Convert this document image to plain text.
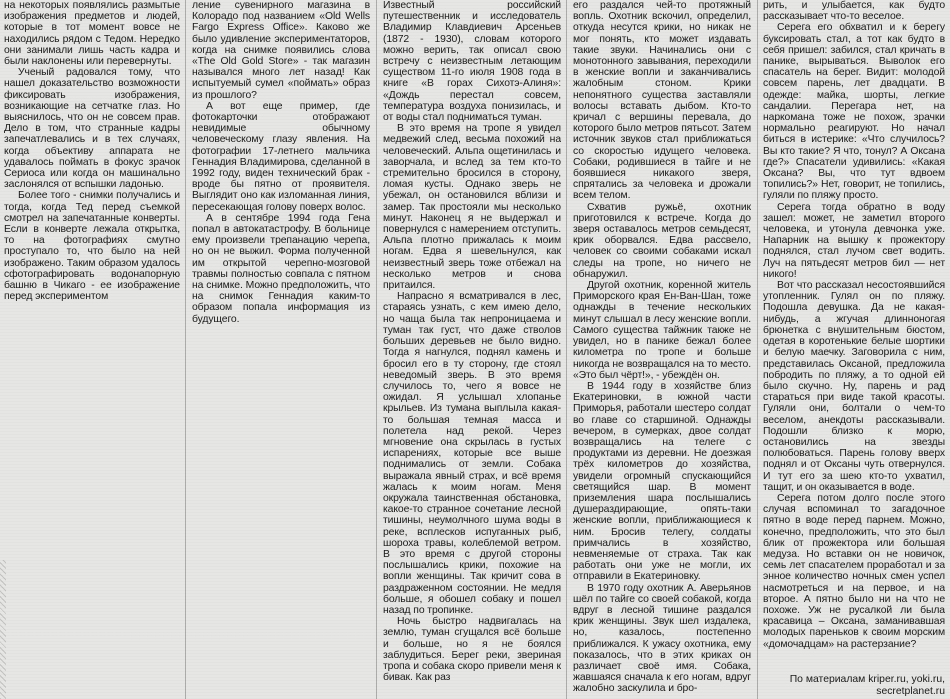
на некоторых появлялись размытые изображения предметов и людей, которые в тот момент вовсе не находились рядом с Тедом. Нередко они занимали лишь часть кадра и были наклонены или перевернуты.

Ученый радовался тому, что нашел доказательство возможности фиксировать изображения, возникающие на сетчатке глаз. Но выяснилось, что он не совсем прав. Дело в том, что странные кадры запечатлевались и в тех случаях, когда объективу аппарата не удавалось поймать в фокус зрачок Сериоса или когда он машинально заслонялся от вспышки ладонью.

Более того - снимки получались и тогда, когда Тед перед съемкой смотрел на запечатанные конверты. Если в конверте лежала открытка, то на фотографиях смутно проступало то, что было на ней изображено. Таким образом удалось сфотографировать водонапорную башню в Чикаго - ее изображение перед экспериментом

ление сувенирного магазина в Колорадо под названием «Old Wells Fargo Express Office». Каково же было удивление экспериментаторов, когда на снимке появились слова «The Old Gold Store» - так магазин назывался много лет назад! Как испытуемый сумел «поймать» образ из прошлого?

А вот еще пример, где фотокарточки отображают невидимые обычному человеческому глазу явления. На фотографии 17-летнего мальчика Геннадия Владимирова, сделанной в 1992 году, виден технический брак - вроде бы пятно от проявителя. Выглядит оно как изломанная линия, пересекающая голову поверх волос.

А в сентябре 1994 года Гена попал в автокатастрофу. В больнице ему произвели трепанацию черепа, но он не выжил. Форма полученной им открытой черепно-мозговой травмы полностью совпала с пятном на снимке. Можно предположить, что на снимок Геннадия каким-то образом попала информация из будущего.

Известный российский путешественник и исследователь Владимир Клавдиевич Арсеньев (1872 - 1930), словам которого можно верить, так описал свою встречу с неизвестным летающим существом 11-го июля 1908 года в книге «В горах Сихотэ-Алиня»: «Дождь перестал совсем, температура воздуха понизилась, и от воды стал подниматься туман.

В это время на тропе я увидел медвежий след, весьма похожий на человеческий. Альпа ощетинилась и заворчала, и вслед за тем кто-то стремительно бросился в сторону, ломая кусты. Однако зверь не убежал, он остановился вблизи и замер. Так простояли мы несколько минут. Наконец я не выдержал и повернулся с намерением отступить. Альпа плотно прижалась к моим ногам. Едва я шевельнулся, как неизвестный зверь тоже отбежал на несколько метров и снова притаился.

Напрасно я всматривался в лес, стараясь узнать, с кем имею дело, но чаща была так непроницаема и туман так густ, что даже стволов больших деревьев не было видно. Тогда я нагнулся, поднял камень и бросил его в ту сторону, где стоял неведомый зверь. В это время случилось то, чего я вовсе не ожидал. Я услышал хлопанье крыльев. Из тумана выплыла какая-то большая темная масса и полетела над рекой. Через мгновение она скрылась в густых испарениях, которые все выше поднимались от земли. Собака выражала явный страх, и всё время жалась к моим ногам. Меня окружала таинственная обстановка, какое-то странное сочетание лесной тишины, неумолчного шума воды в реке, всплесков испуганных рыб, шороха травы, колеблемой ветром. В это время с другой стороны послышались крики, похожие на вопли женщины. Так кричит сова в раздраженном состоянии. Не медля больше, я обошел собаку и пошел назад по тропинке.

Ночь быстро надвигалась на землю, туман сгущался всё больше и больше, но я не боялся заблудиться. Берег реки, звериная тропа и собака скоро привели меня к бивак. Как раз

его раздался чей-то протяжный вопль. Охотник вскочил, определил, откуда несутся крики, но никак не мог понять, кто может издавать такие звуки. Начинались они с монотонного завывания, переходили в женские вопли и заканчивались жалобным стоном. Крики непонятного существа заставляли волосы вставать дыбом. Кто-то кричал с вершины перевала, до которого было метров пятьсот. Затем источник звуков стал приближаться со скоростью идущего человека. Собаки, родившиеся в тайге и не боявшиеся никакого зверя, спрятались за человека и дрожали всем телом.

Схватив ружьё, охотник приготовился к встрече. Когда до зверя оставалось метров семьдесят, крик оборвался. Едва рассвело, человек со своими собаками искал следы на тропе, но ничего не обнаружил.

Другой охотник, коренной житель Приморского края Ен-Ван-Шан, тоже однажды в течение нескольких минут слышал в лесу женские вопли. Самого существа тайжник также не увидел, но в панике бежал более километра по тропе и больше никогда не возвращался на то место. «Это был чёрт!», - убеждён он.

В 1944 году в хозяйстве близ Екатериновки, в южной части Приморья, работали шестеро солдат во главе со старшиной. Однажды вечером, в сумерках, двое солдат возвращались на телеге с продуктами из деревни. Не доезжая трёх километров до хозяйства, увидели огромный спускающийся светящийся шар. В момент приземления шара послышались душераздирающие, опять-таки женские вопли, приближающиеся к ним. Бросив телегу, солдаты примчались в хозяйство, невменяемые от страха. Так как работать они уже не могли, их отправили в Екатериновку.

В 1970 году охотник А. Аверьянов шёл по тайге со своей собакой, когда вдруг в лесной тишине раздался крик женщины. Звук шел издалека, но, казалось, постепенно приближался. К ужасу охотника, ему показалось, что в этих криках он различает своё имя. Собака, жавшаяся сначала к его ногам, вдруг жалобно заскулила и бро-

рить, и улыбается, как будто рассказывает что-то веселое.

Серега его обхватил и к берегу буксировать стал, а тот как будто в себя пришел: забился, стал кричать в панике, вырываться. Выволок его спасатель на берег. Видит: молодой совсем парень, лет двадцати. В одежде: майка, шорты, легкие сандалии. Перегара нет, на наркомана тоже не похож, зрачки нормально реагируют. Но начал биться в истерике: «Что случилось? Вы кто такие? Я что, тонул? А Оксана где?» Спасатели удивились: «Какая Оксана? Вы, что тут вдвоем топились?» Нет, говорит, не топились, гуляли по пляжу просто.

Серега тогда обратно в воду зашел: может, не заметил второго человека, и утонула девчонка уже. Напарник на вышку к прожектору поднялся, стал лучом свет водить. Луч на пятьдесят метров бил — нет никого!

Вот что рассказал несостоявшийся утопленник. Гулял он по пляжу. Подошла девушка. Да не какая-нибудь, а жгучая длинноногая брюнетка с внушительным бюстом, одетая в коротенькие белые шортики и белую маечку. Заговорила с ним, представилась Оксаной, предложила побродить по пляжу, а то одной ей было скучно. Ну, парень и рад стараться при виде такой красоты. Гуляли они, болтали о чем-то веселом, анекдоты рассказывали. Подошли близко к морю, остановились на звезды полюбоваться. Парень голову вверх поднял и от Оксаны чуть отвернулся. И тут его за шею кто-то ухватил, тащит, и он оказывается в воде.

Серега потом долго после этого случая вспоминал то загадочное пятно в воде перед парнем. Можно, конечно, предположить, что это был блик от прожектора или большая медуза. Но вставки он не новичок, семь лет спасателем проработал и за энное количество ночных смен успел насмотреться и на первое, и на второе. А пятно было ни на что не похоже. Уж не русалкой ли была красавица – Оксана, заманивавшая молодых пареньков к своим морским «домочадцам» на растерзание?

По материалам kriper.ru, yoki.ru,
secretplanet.ru
